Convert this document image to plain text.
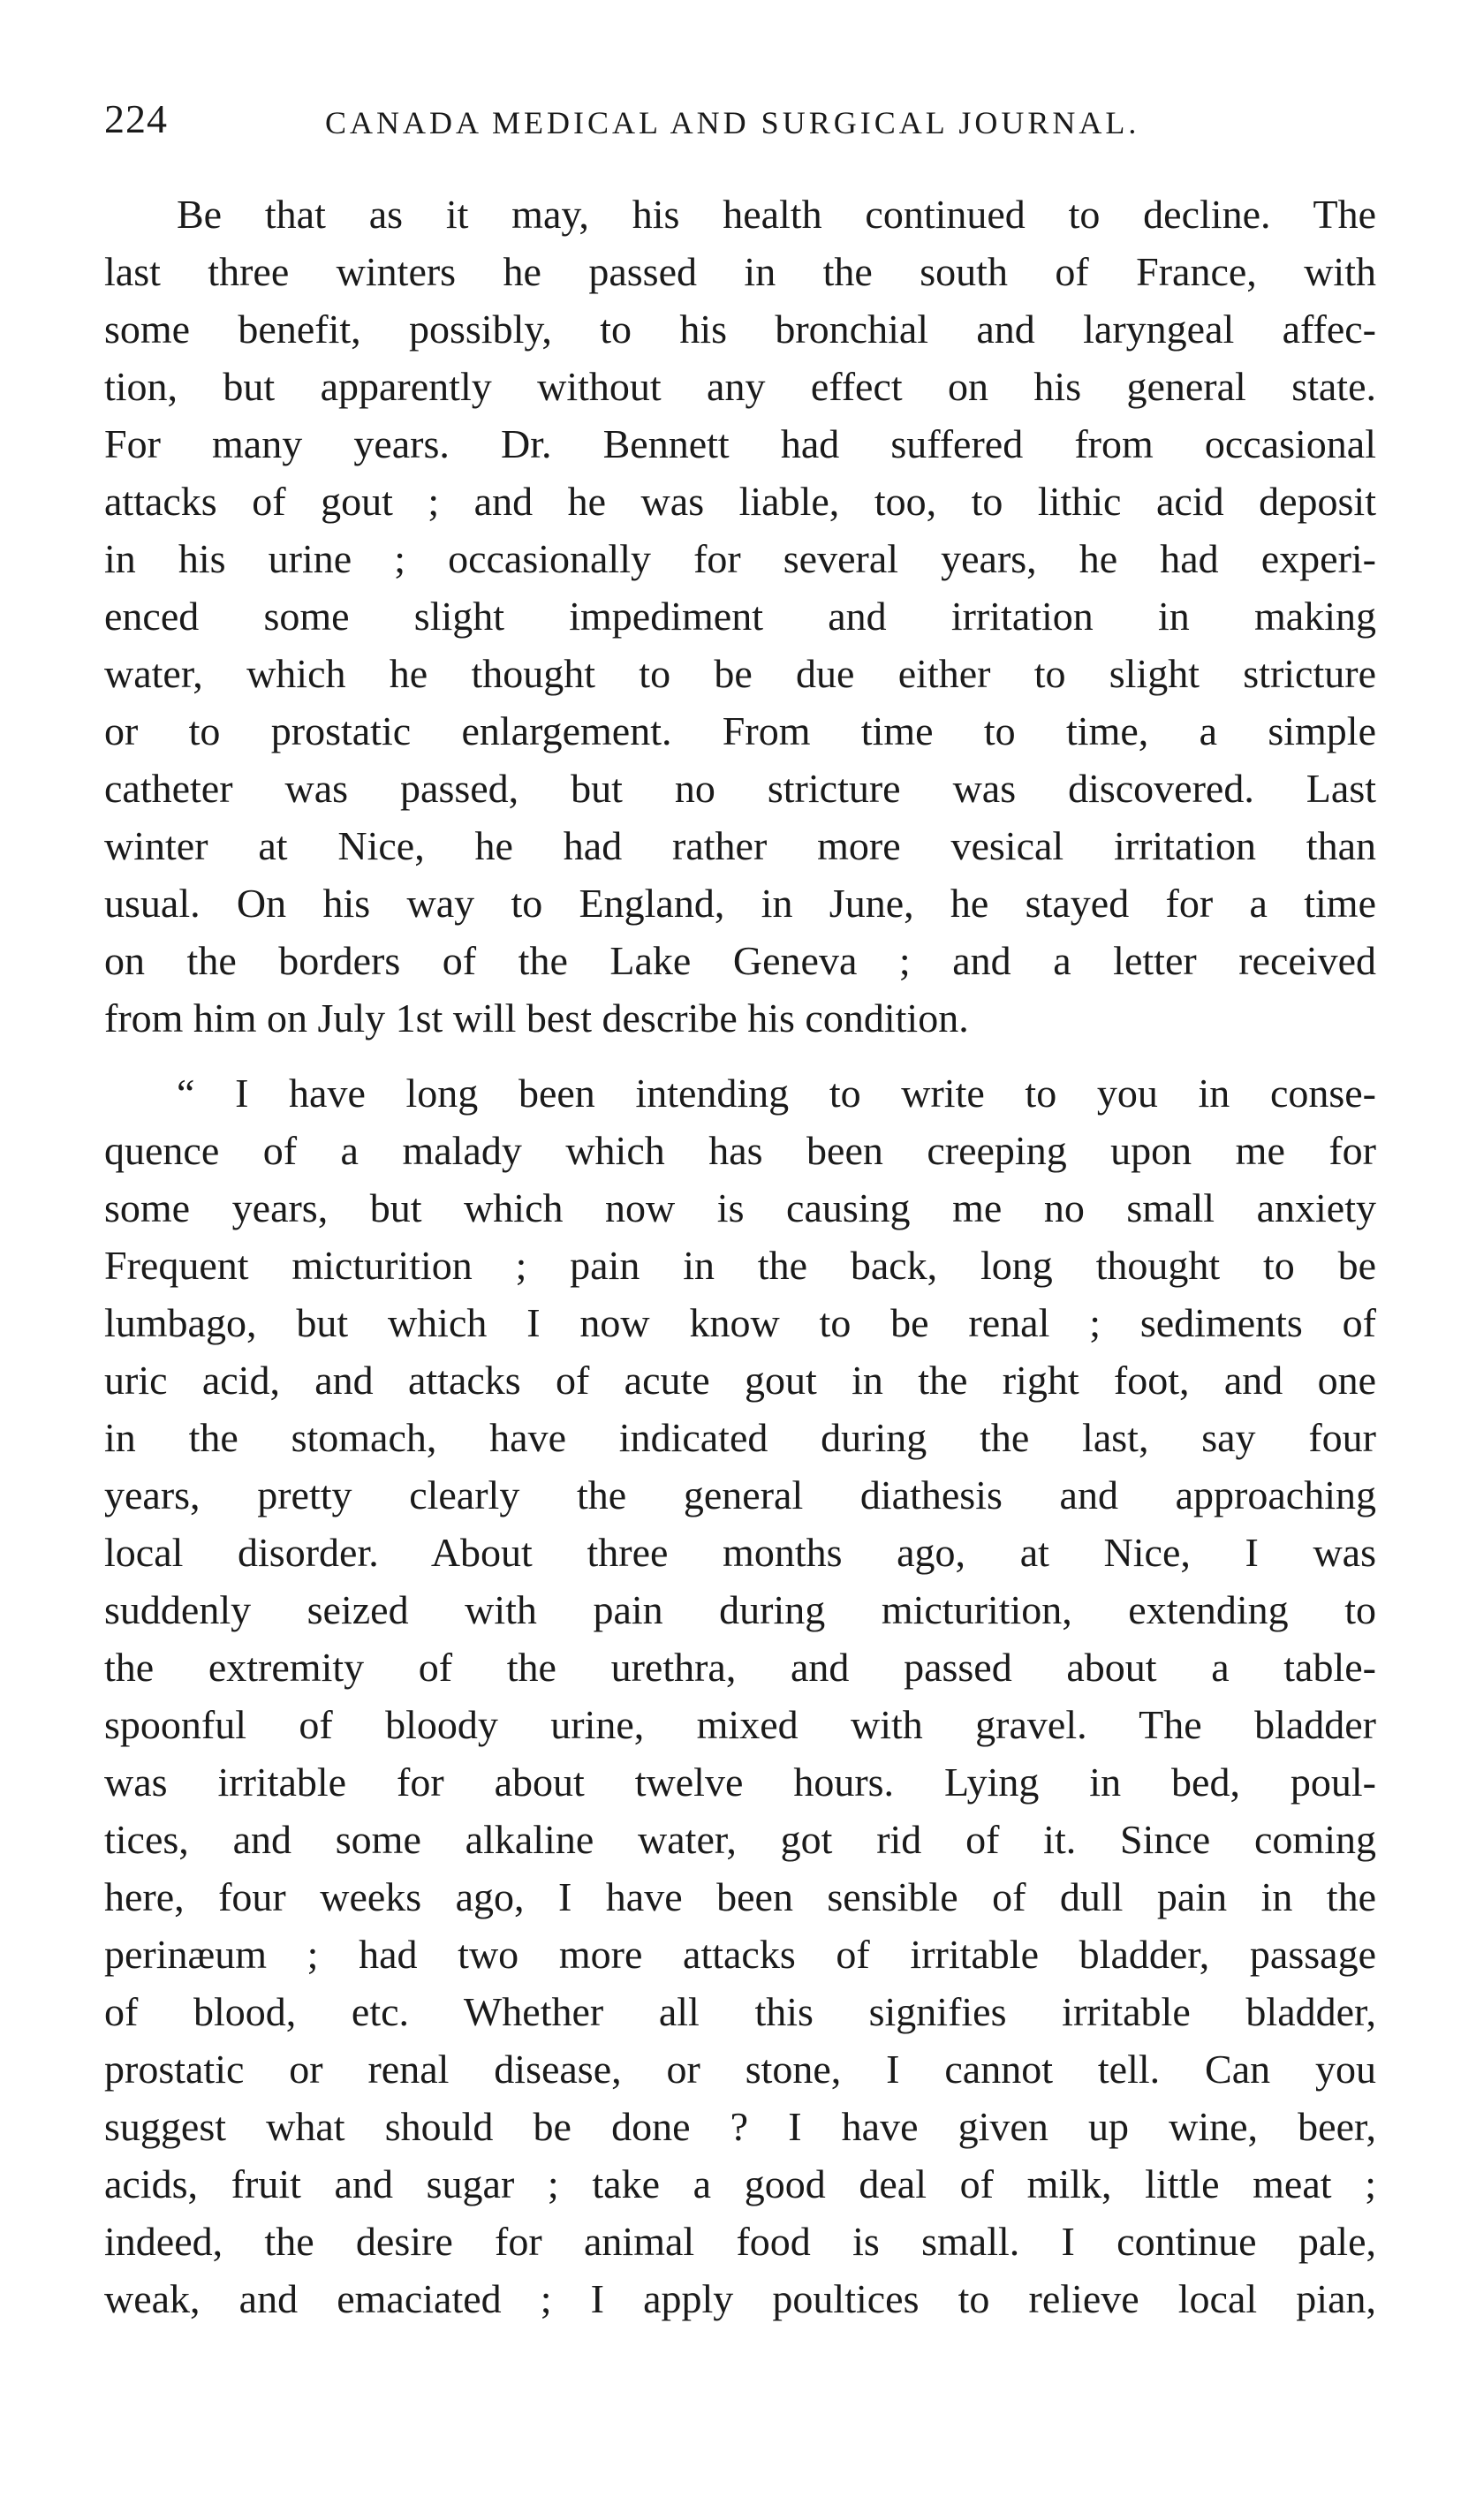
224	CANADA MEDICAL AND SURGICAL JOURNAL.
Be that as it may, his health continued to decline. The
last three winters he passed in the south of France, with
some benefit, possibly, to his bronchial and laryngeal affec-
tion, but apparently without any effect on his general state.
For many years. Dr. Bennett had suffered from occasional
attacks of gout ; and he was liable, too, to lithic acid deposit
in his urine ; occasionally for several years, he had experi-
enced some slight impediment and irritation in making
water, which he thought to be due either to slight stricture
or to prostatic enlargement. From time to time, a simple
catheter was passed, but no stricture was discovered. Last
winter at Nice, he had rather more vesical irritation than
usual. On his way to England, in June, he stayed for a time
on the borders of the Lake Geneva ; and a letter received
from him on July 1st will best describe his condition.
“ I have long been intending to write to you in conse-
quence of a malady which has been creeping upon me for
some years, but which now is causing me no small anxiety
Frequent micturition ; pain in the back, long thought to be
lumbago, but which I now know to be renal ; sediments of
uric acid, and attacks of acute gout in the right foot, and one
in the stomach, have indicated during the last, say four
years, pretty clearly the general diathesis and approaching
local disorder. About three months ago, at Nice, I was
suddenly seized with pain during micturition, extending to
the extremity of the urethra, and passed about a table-
spoonful of bloody urine, mixed with gravel. The bladder
was irritable for about twelve hours. Lying in bed, poul-
tices, and some alkaline water, got rid of it. Since coming
here, four weeks ago, I have been sensible of dull pain in the
perinæum ; had two more attacks of irritable bladder, passage
of blood, etc. Whether all this signifies irritable bladder,
prostatic or renal disease, or stone, I cannot tell. Can you
suggest what should be done ? I have given up wine, beer,
acids, fruit and sugar ; take a good deal of milk, little meat ;
indeed, the desire for animal food is small. I continue pale,
weak, and emaciated ; I apply poultices to relieve local pian,
